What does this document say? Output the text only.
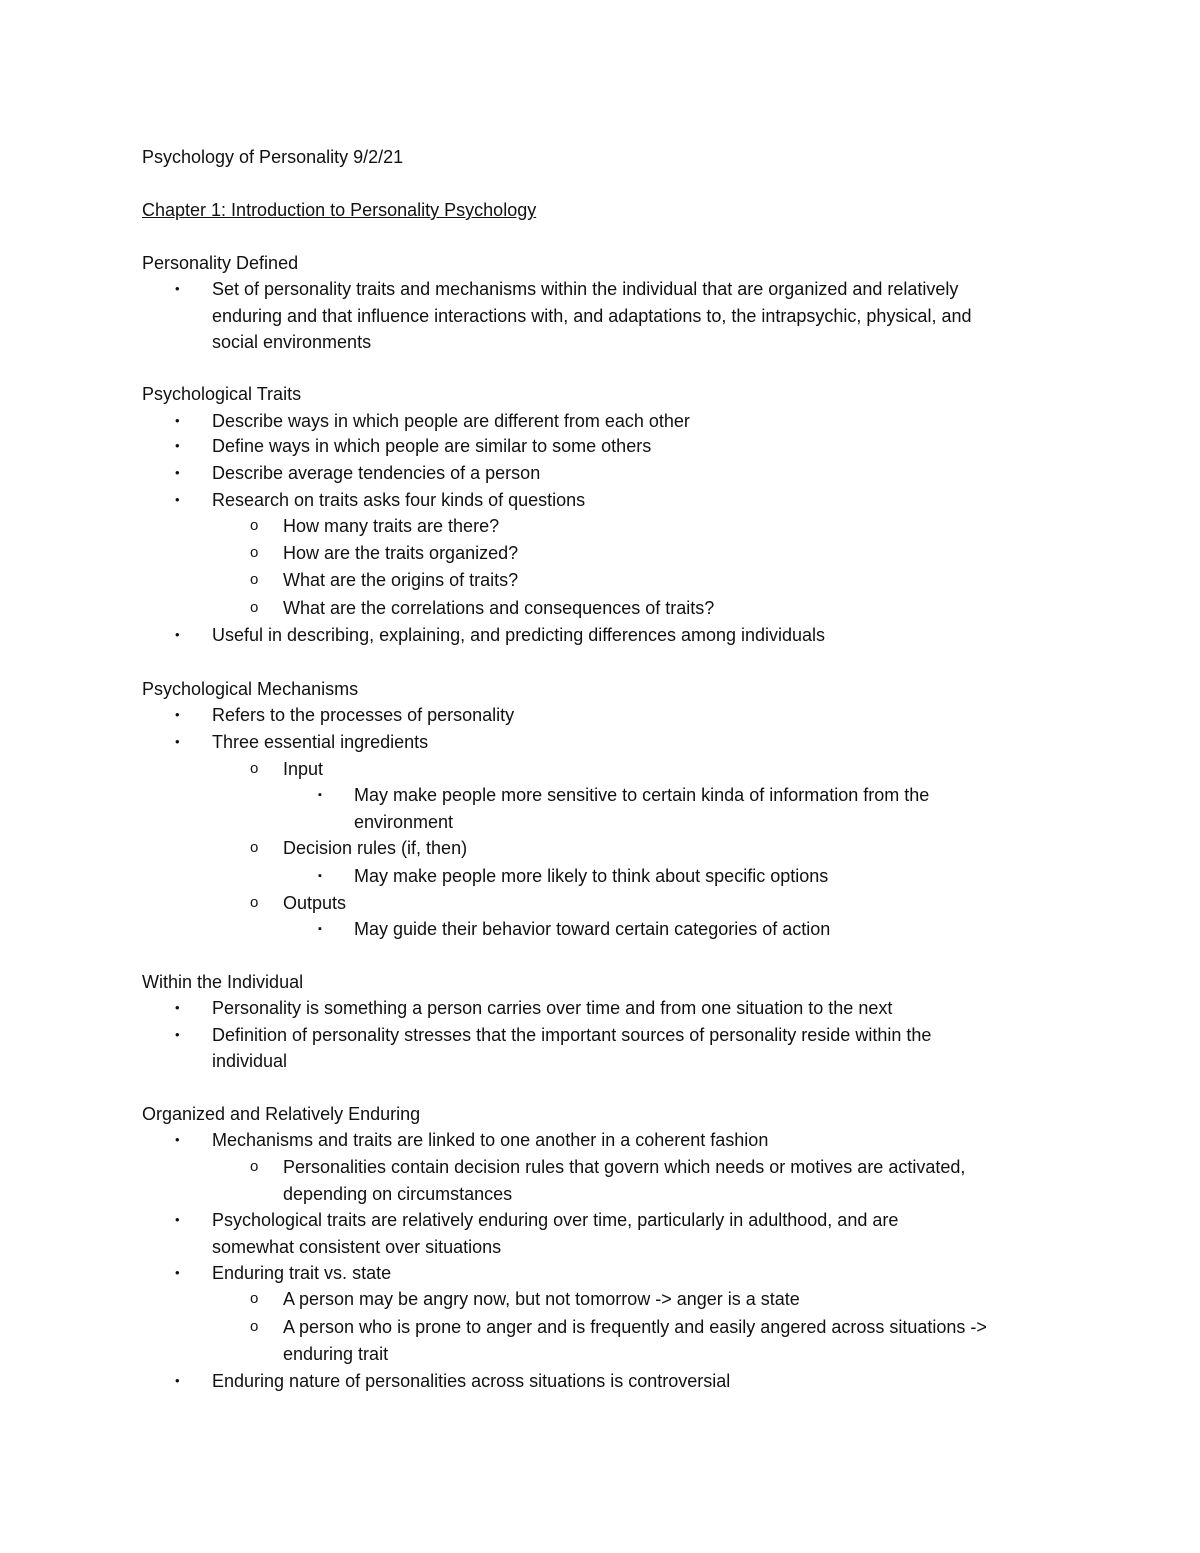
Psychology of Personality 9/2/21
Chapter 1: Introduction to Personality Psychology
Personality Defined
• Set of personality traits and mechanisms within the individual that are organized and relatively
enduring and that influence interactions with, and adaptations to, the intrapsychic, physical, and
social environments
Psychological Traits
• Describe ways in which people are different from each other
• Define ways in which people are similar to some others
• Describe average tendencies of a person
• Research on traits asks four kinds of questions
o How many traits are there?
o How are the traits organized?
o What are the origins of traits?
o What are the correlations and consequences of traits?
• Useful in describing, explaining, and predicting differences among individuals
Psychological Mechanisms
• Refers to the processes of personality
• Three essential ingredients
o Input
▪ May make people more sensitive to certain kinda of information from the
environment
o Decision rules (if, then)
▪ May make people more likely to think about specific options
o Outputs
▪ May guide their behavior toward certain categories of action
Within the Individual
• Personality is something a person carries over time and from one situation to the next
• Definition of personality stresses that the important sources of personality reside within the
individual
Organized and Relatively Enduring
• Mechanisms and traits are linked to one another in a coherent fashion
o Personalities contain decision rules that govern which needs or motives are activated,
depending on circumstances
• Psychological traits are relatively enduring over time, particularly in adulthood, and are
somewhat consistent over situations
• Enduring trait vs. state
o A person may be angry now, but not tomorrow -> anger is a state
o A person who is prone to anger and is frequently and easily angered across situations ->
enduring trait
• Enduring nature of personalities across situations is controversial
